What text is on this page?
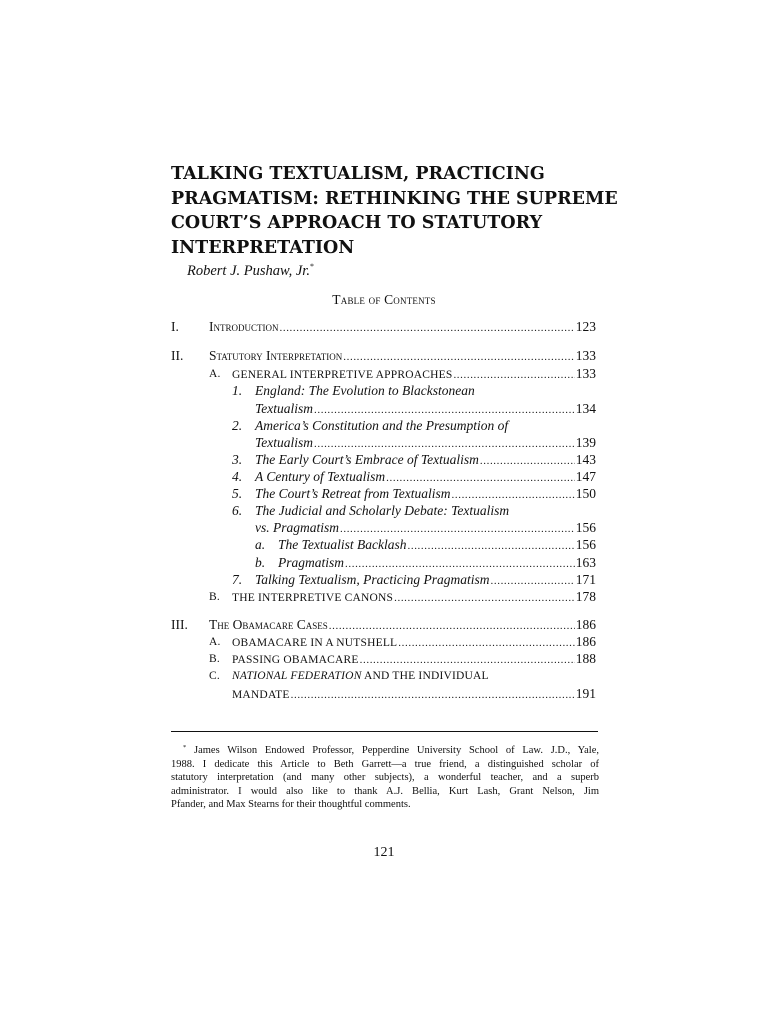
TALKING TEXTUALISM, PRACTICING
PRAGMATISM: RETHINKING THE SUPREME
COURT’S APPROACH TO STATUTORY
INTERPRETATION
Robert J. Pushaw, Jr.*
Table of Contents
I. Introduction .....	123
II. Statutory Interpretation .....	133
A. GENERAL INTERPRETIVE APPROACHES .....	133
1. England: The Evolution to Blackstonean
Textualism .....	134
2. America’s Constitution and the Presumption of
Textualism .....	139
3. The Early Court’s Embrace of Textualism .....	143
4. A Century of Textualism .....	147
5. The Court’s Retreat from Textualism .....	150
6. The Judicial and Scholarly Debate: Textualism
vs. Pragmatism .....	156
a. The Textualist Backlash .....	156
b. Pragmatism .....	163
7. Talking Textualism, Practicing Pragmatism .....	171
B. THE INTERPRETIVE CANONS .....	178
III. The Obamacare Cases .....	186
A. OBAMACARE IN A NUTSHELL .....	186
B. PASSING OBAMACARE .....	188
C. NATIONAL FEDERATION AND THE INDIVIDUAL
MANDATE .....	191
* James Wilson Endowed Professor, Pepperdine University School of Law. J.D., Yale,
1988. I dedicate this Article to Beth Garrett—a true friend, a distinguished scholar of
statutory interpretation (and many other subjects), a wonderful teacher, and a superb
administrator. I would also like to thank A.J. Bellia, Kurt Lash, Grant Nelson, Jim
Pfander, and Max Stearns for their thoughtful comments.
121
